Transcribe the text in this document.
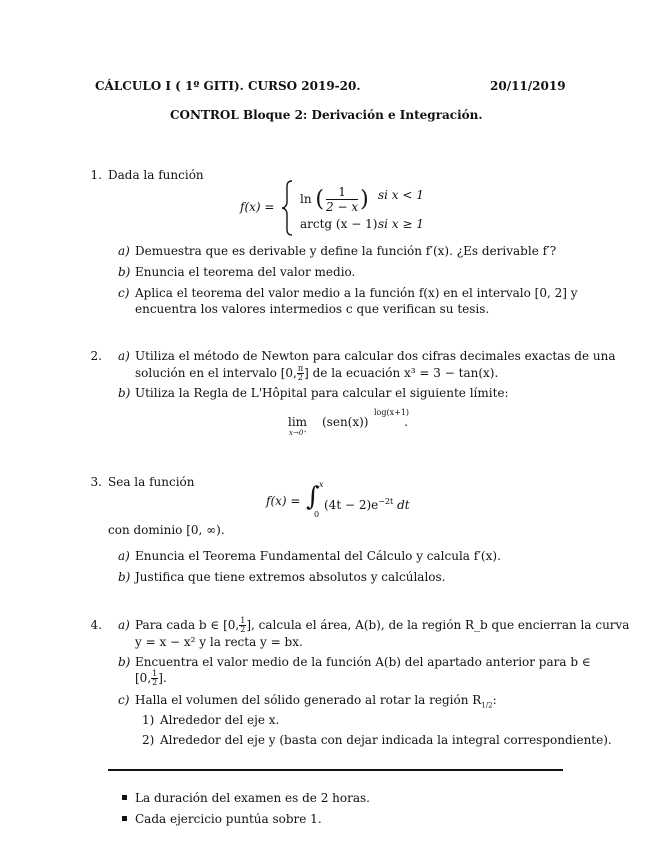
CÁLCULO I ( 1º GITI). CURSO 2019-20.	20/11/2019
CONTROL Bloque 2: Derivación e Integración.
1. Dada la función
f(x) =
ln ( $\frac{1}{2 - x}$ ) si x < 1
arctg (x − 1) si x ≥ 1
a) Demuestra que es derivable y define la función f′(x). ¿Es derivable f′?
b) Enuncia el teorema del valor medio.
c) Aplica el teorema del valor medio a la función f(x) en el intervalo [0, 2] y
encuentra los valores intermedios c que verifican su tesis.
2. a) Utiliza el método de Newton para calcular dos cifras decimales exactas de una
solución en el intervalo [0, $\frac{\pi}{2}$ ] de la ecuación x³ = 3 − tan(x).
b) Utiliza la Regla de L'Hôpital para calcular el siguiente límite:
lim
x→0⁺
(sen(x))
log(x+1)
.
3. Sea la función
f(x) = ∫ x
0
$(4t - 2)e^{-2t}$ dt
con dominio [0, ∞).
a) Enuncia el Teorema Fundamental del Cálculo y calcula f′(x).
b) Justifica que tiene extremos absolutos y calcúlalos.
4. a) Para cada b ∈ [0, $\frac{1}{2}$ ], calcula el área, A(b), de la región R_b que encierran la curva
y = x − x² y la recta y = bx.
b) Encuentra el valor medio de la función A(b) del apartado anterior para b ∈
[0, $\frac{1}{2}$ ].
c) Halla el volumen del sólido generado al rotar la región $R_{1/2}$:
1) Alrededor del eje x.
2) Alrededor del eje y (basta con dejar indicada la integral correspondiente).
La duración del examen es de 2 horas.
Cada ejercicio puntúa sobre 1.
